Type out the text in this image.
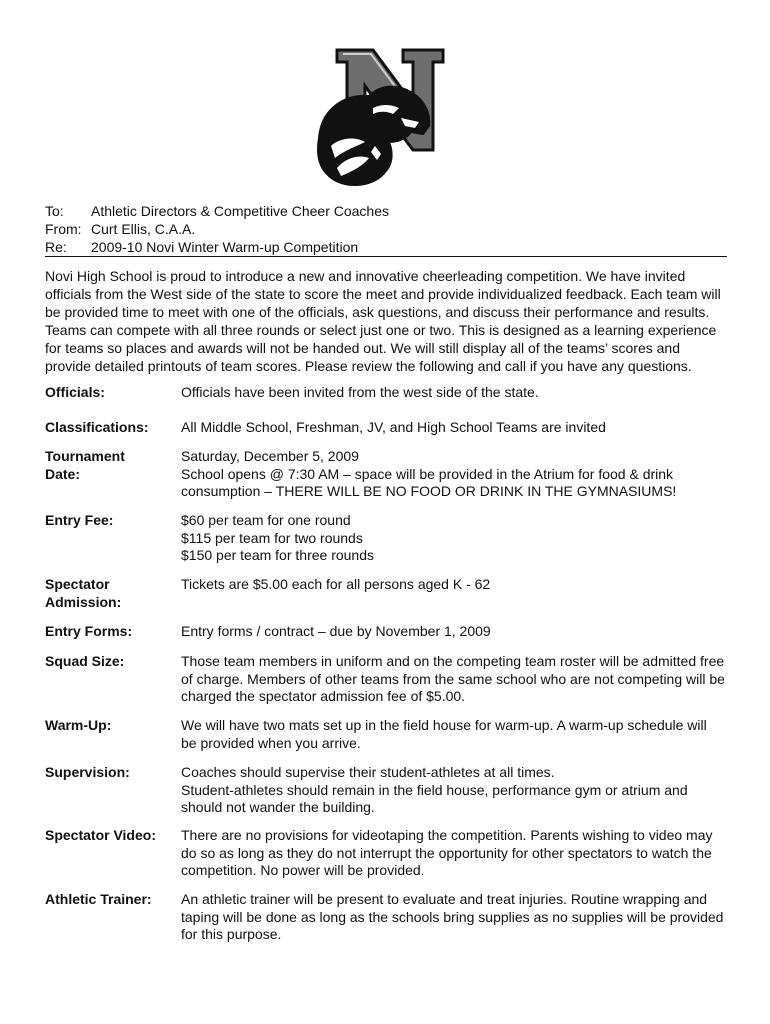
To:	Athletic Directors & Competitive Cheer Coaches
From: Curt Ellis, C.A.A.
Re:	2009-10 Novi Winter Warm-up Competition

Novi High School is proud to introduce a new and innovative cheerleading competition. We have invited

officials from the West side of the state to score the meet and provide individualized feedback. Each team will

be provided time to meet with one of the officials, ask questions, and discuss their performance and results.

Teams can compete with all three rounds or select just one or two. This is designed as a learning experience

for teams so places and awards will not be handed out. We will still display all of the teams’ scores and

provide detailed printouts of team scores. Please review the following and call if you have any questions.

Officials:	Officials have been invited from the west side of the state.
Classifications:	All Middle School, Freshman, JV, and High School Teams are invited
Tournament
Date:
Saturday, December 5, 2009
School opens @ 7:30 AM – space will be provided in the Atrium for food & drink
consumption – THERE WILL BE NO FOOD OR DRINK IN THE GYMNASIUMS!
Entry Fee:	$60 per team for one round
$115 per team for two rounds
$150 per team for three rounds
Spectator
Admission:
Tickets are $5.00 each for all persons aged K - 62
Entry Forms:	Entry forms / contract – due by November 1, 2009
Squad Size:	Those team members in uniform and on the competing team roster will be admitted free
of charge. Members of other teams from the same school who are not competing will be
charged the spectator admission fee of $5.00.
Warm-Up:	We will have two mats set up in the field house for warm-up. A warm-up schedule will
be provided when you arrive.
Supervision:	Coaches should supervise their student-athletes at all times.
Student-athletes should remain in the field house, performance gym or atrium and
should not wander the building.
Spectator Video:	There are no provisions for videotaping the competition. Parents wishing to video may
do so as long as they do not interrupt the opportunity for other spectators to watch the
competition. No power will be provided.
Athletic Trainer:	An athletic trainer will be present to evaluate and treat injuries. Routine wrapping and
taping will be done as long as the schools bring supplies as no supplies will be provided
for this purpose.
